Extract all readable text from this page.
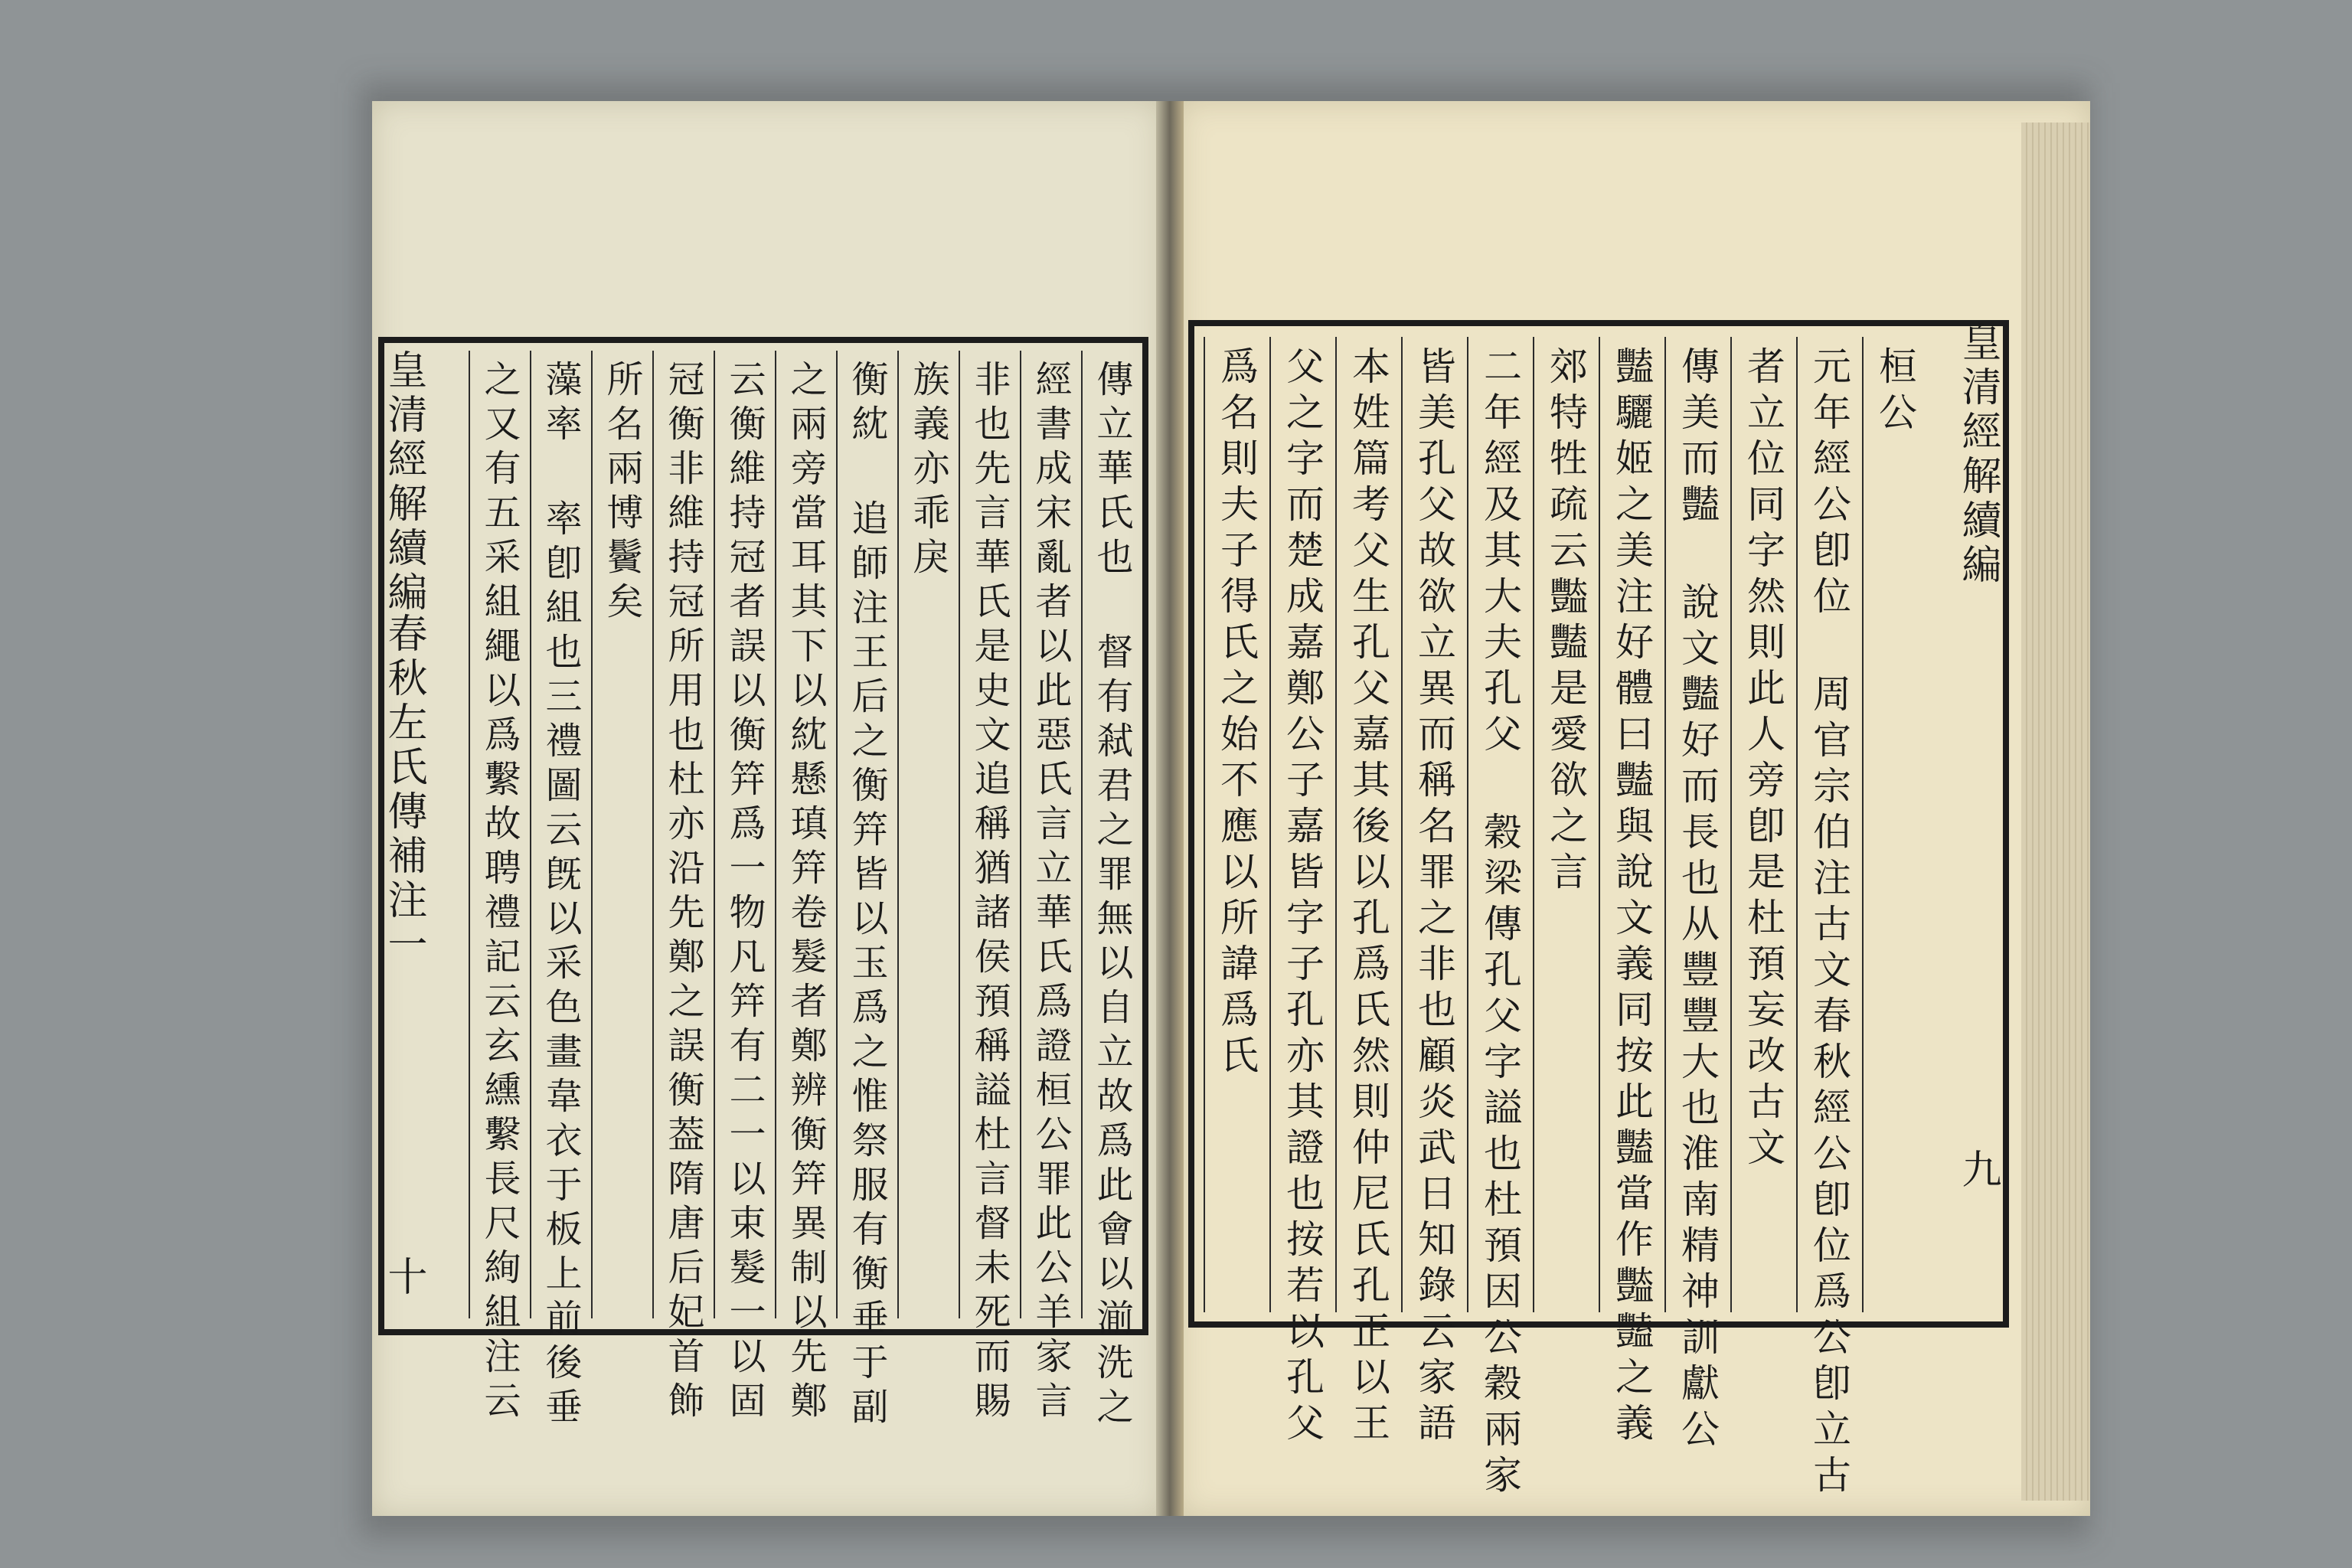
皇清經解續編
春秋左氏傳補注一
十
皇清經解續編
九
桓公
元年經公卽位 周官宗伯注古文春秋經公卽位爲公卽立古
者立位同字然則此人旁卽是杜預妄改古文
傳美而豔 說文豔好而長也从豐豐大也淮南精神訓獻公
豔驪姬之美注好體曰豔與說文義同按此豔當作豓豔之義
郊特牲疏云豓豔是愛欲之言
二年經及其大夫孔父 穀梁傳孔父字謚也杜預因公穀兩家
皆美孔父故欲立異而稱名罪之非也顧炎武日知錄云家語
本姓篇考父生孔父嘉其後以孔爲氏然則仲尼氏孔正以王
父之字而楚成嘉鄭公子嘉皆字子孔亦其證也按若以孔父
爲名則夫子得氏之始不應以所諱爲氏
傳立華氏也 督有弒君之罪無以自立故爲此會以湔洗之
經書成宋亂者以此惡氏言立華氏爲證桓公罪此公羊家言
非也先言華氏是史文追稱猶諸侯預稱謚杜言督未死而賜
族義亦乖戾
衡紞 追師注王后之衡筓皆以玉爲之惟祭服有衡垂于副
之兩旁當耳其下以紞懸瑱筓卷髮者鄭辨衡筓異制以先鄭
云衡維持冠者誤以衡筓爲一物凡筓有二一以束髮一以固
冠衡非維持冠所用也杜亦沿先鄭之誤衡葢隋唐后妃首飾
所名兩博鬢矣
藻率 率卽組也三禮圖云旣以采色畫韋衣于板上前後垂
之又有五采組繩以爲繫故聘禮記云玄纁繫長尺絢組注云
